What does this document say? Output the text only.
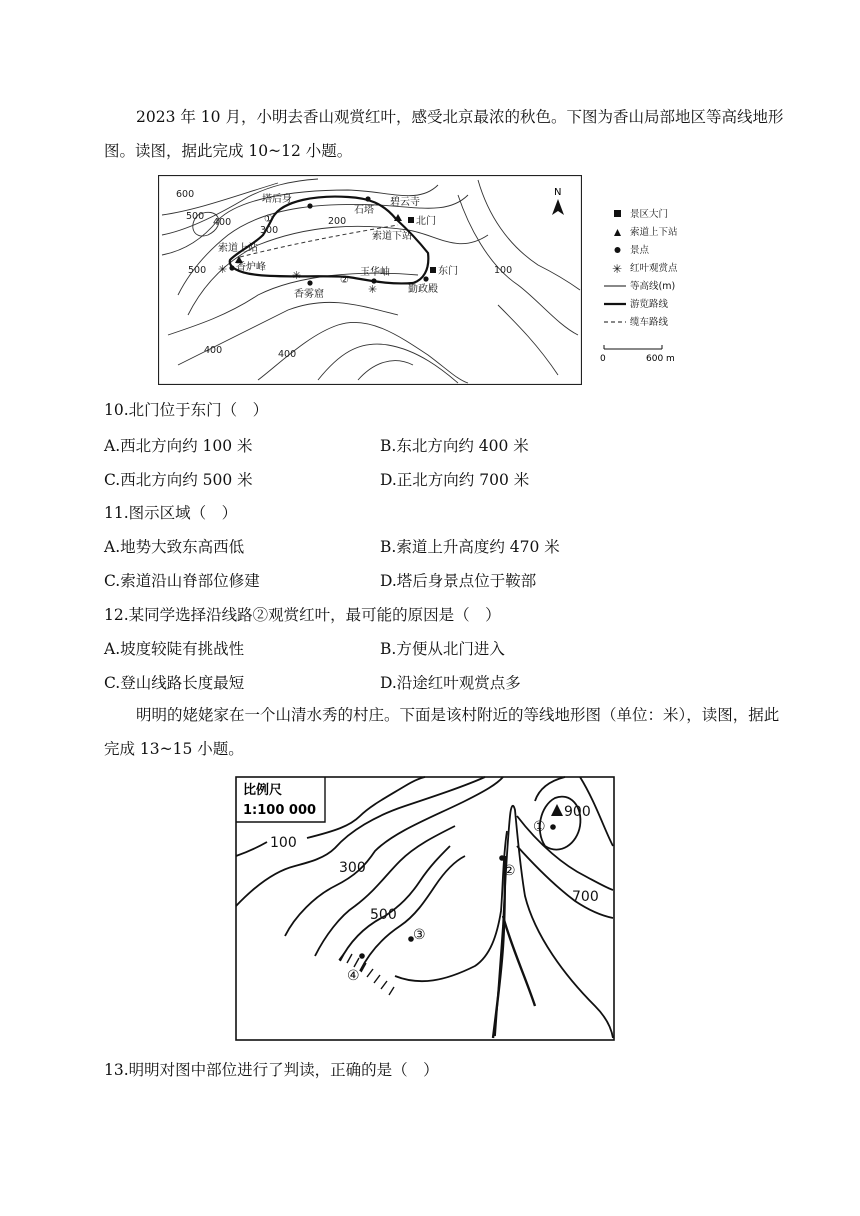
2023 年 10 月，小明去香山观赏红叶，感受北京最浓的秋色。下图为香山局部地区等高线地形图。读图，据此完成 10~12 小题。

600
500
400
300
200
500
400	400
100
塔后身
石塔
碧云寺
北门
索道下站
索道上站
香炉峰
✳	✳
香雾窟
玉华岫
✳
东门
勤政殿
①
②
N
景区大门
索道上下站
景点
✳ 红叶观赏点
等高线(m)
游览路线
缆车路线
0	600 m

10.北门位于东门（　）

A.西北方向约 100 米	B.东北方向约 400 米

C.西北方向约 500 米	D.正北方向约 700 米

11.图示区域（　）

A.地势大致东高西低	B.索道上升高度约 470 米

C.索道沿山脊部位修建	D.塔后身景点位于鞍部

12.某同学选择沿线路②观赏红叶，最可能的原因是（　）

A.坡度较陡有挑战性	B.方便从北门进入

C.登山线路长度最短	D.沿途红叶观赏点多

明明的姥姥家在一个山清水秀的村庄。下面是该村附近的等线地形图（单位：米），读图，据此完成 13~15 小题。

比例尺
1:100 000
100
300
500
700
900
①
②
③
④

13.明明对图中部位进行了判读，正确的是（　）
